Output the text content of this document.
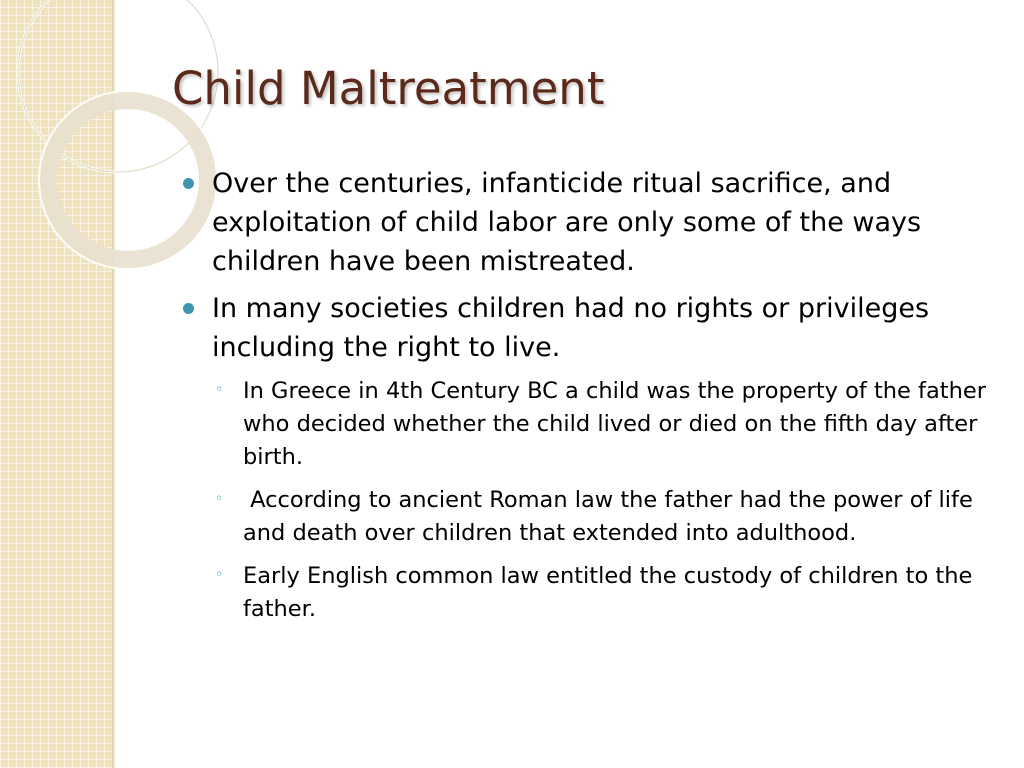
Child Maltreatment
Over the centuries, infanticide ritual sacrifice, and exploitation of child labor are only some of the ways children have been mistreated.
In many societies children had no rights or privileges including the right to live.
◦ In Greece in 4th Century BC a child was the property of the father who decided whether the child lived or died on the fifth day after birth.
◦ According to ancient Roman law the father had the power of life and death over children that extended into adulthood.
◦ Early English common law entitled the custody of children to the father.
